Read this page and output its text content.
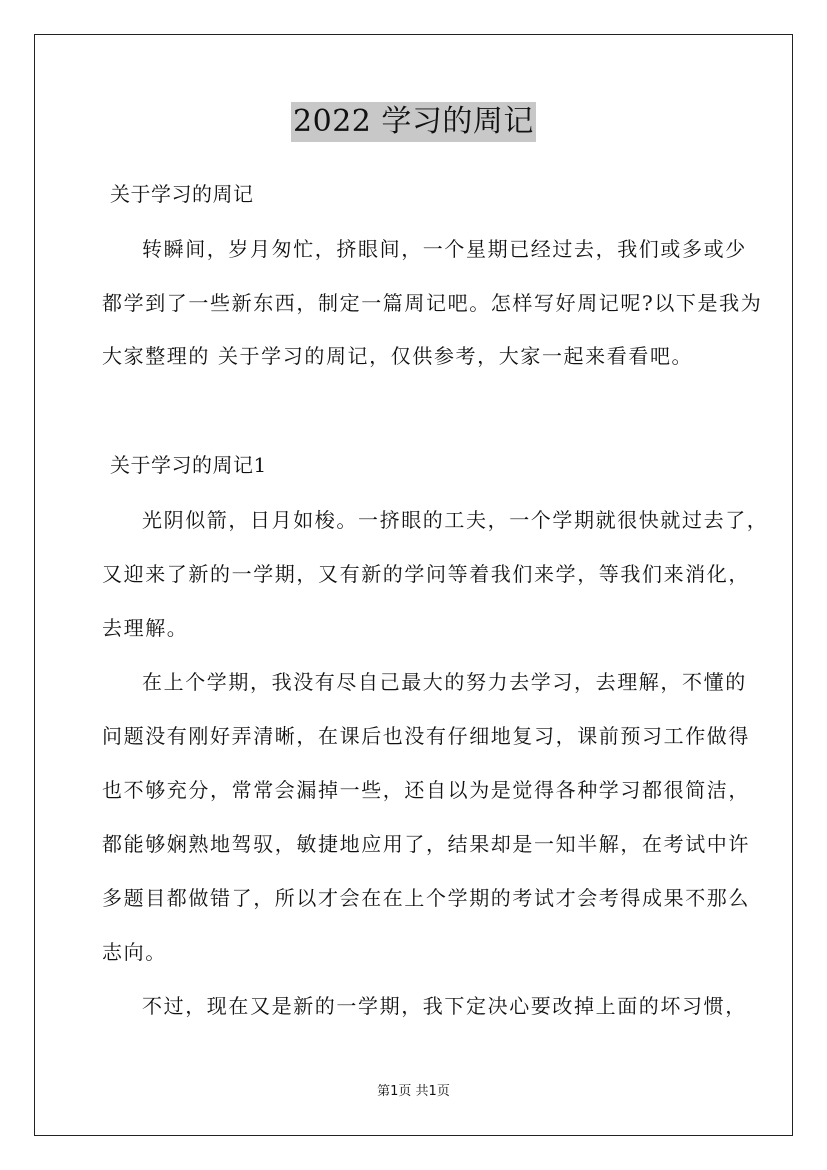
2022 学习的周记
关于学习的周记
转瞬间，岁月匆忙，挤眼间，一个星期已经过去，我们或多或少
都学到了一些新东西，制定一篇周记吧。怎样写好周记呢?以下是我为
大家整理的 关于学习的周记，仅供参考，大家一起来看看吧。
关于学习的周记1
光阴似箭，日月如梭。一挤眼的工夫，一个学期就很快就过去了，
又迎来了新的一学期，又有新的学问等着我们来学，等我们来消化，
去理解。
在上个学期，我没有尽自己最大的努力去学习，去理解，不懂的
问题没有刚好弄清晰，在课后也没有仔细地复习，课前预习工作做得
也不够充分，常常会漏掉一些，还自以为是觉得各种学习都很简洁，
都能够娴熟地驾驭，敏捷地应用了，结果却是一知半解，在考试中许
多题目都做错了，所以才会在在上个学期的考试才会考得成果不那么
志向。
不过，现在又是新的一学期，我下定决心要改掉上面的坏习惯，
第1页 共1页
